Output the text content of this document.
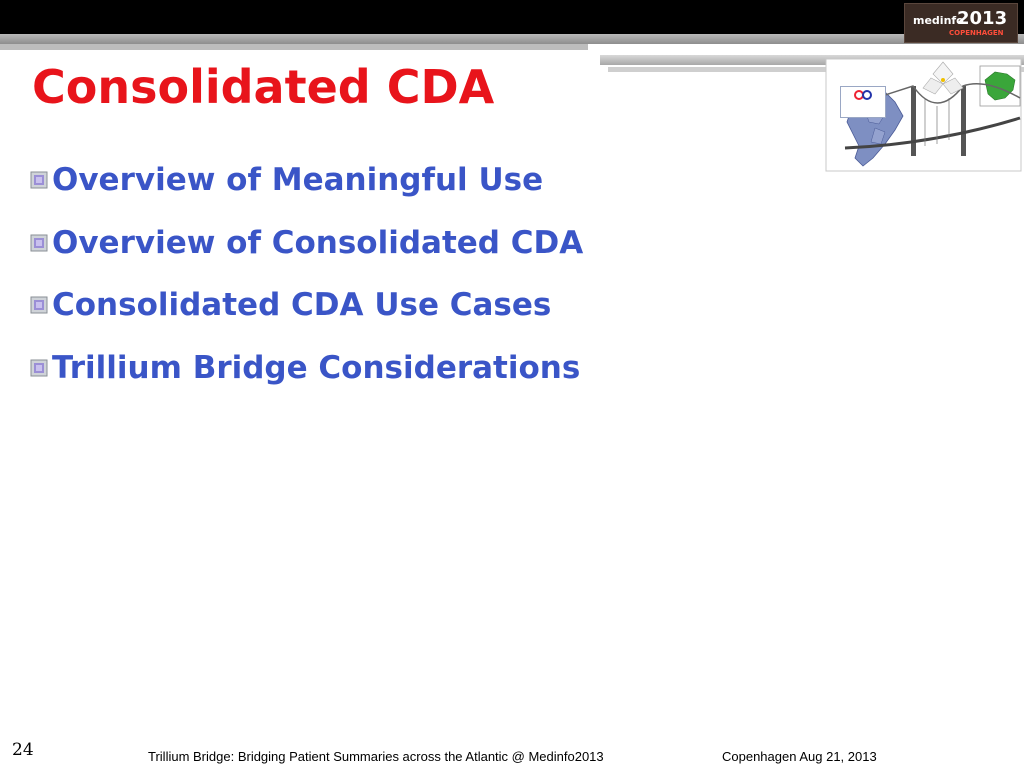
medinfo
2013
COPENHAGEN
Consolidated CDA
Overview of Meaningful Use
Overview of Consolidated CDA
Consolidated CDA Use Cases
Trillium Bridge Considerations
24	Trillium Bridge: Bridging Patient Summaries across the Atlantic @ Medinfo2013	Copenhagen Aug 21, 2013
